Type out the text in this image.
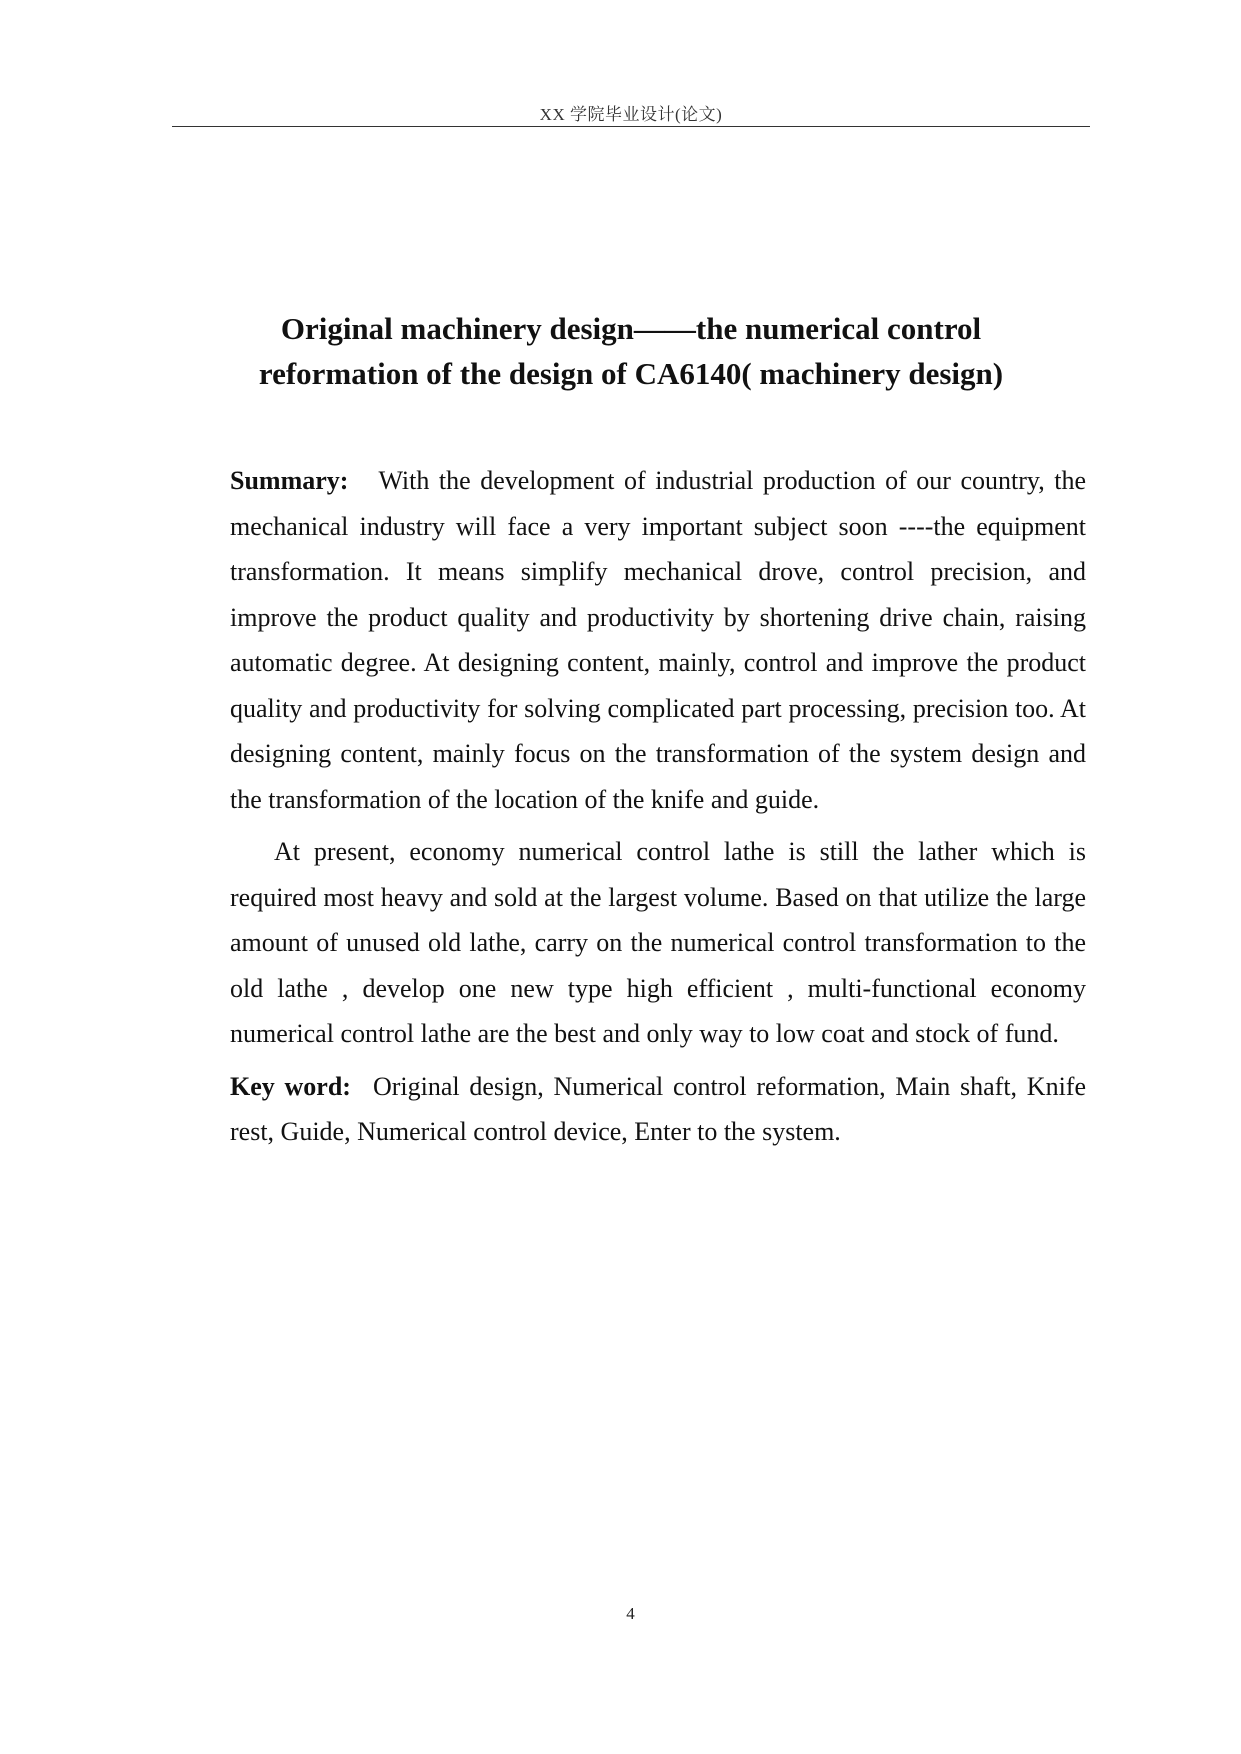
XX 学院毕业设计(论文)
Original machinery design——the numerical control
reformation of the design of CA6140( machinery design)

Summary: With the development of industrial production of our country, the mechanical industry will face a very important subject soon ----the equipment transformation. It means simplify mechanical drove, control precision, and improve the product quality and productivity by shortening drive chain, raising automatic degree. At designing content, mainly, control and improve the product quality and productivity for solving complicated part processing, precision too. At designing content, mainly focus on the transformation of the system design and the transformation of the location of the knife and guide.

At present, economy numerical control lathe is still the lather which is required most heavy and sold at the largest volume. Based on that utilize the large amount of unused old lathe, carry on the numerical control transformation to the old lathe , develop one new type high efficient , multi-functional economy numerical control lathe are the best and only way to low coat and stock of fund.

Key word: Original design, Numerical control reformation, Main shaft, Knife rest, Guide, Numerical control device, Enter to the system.

4
